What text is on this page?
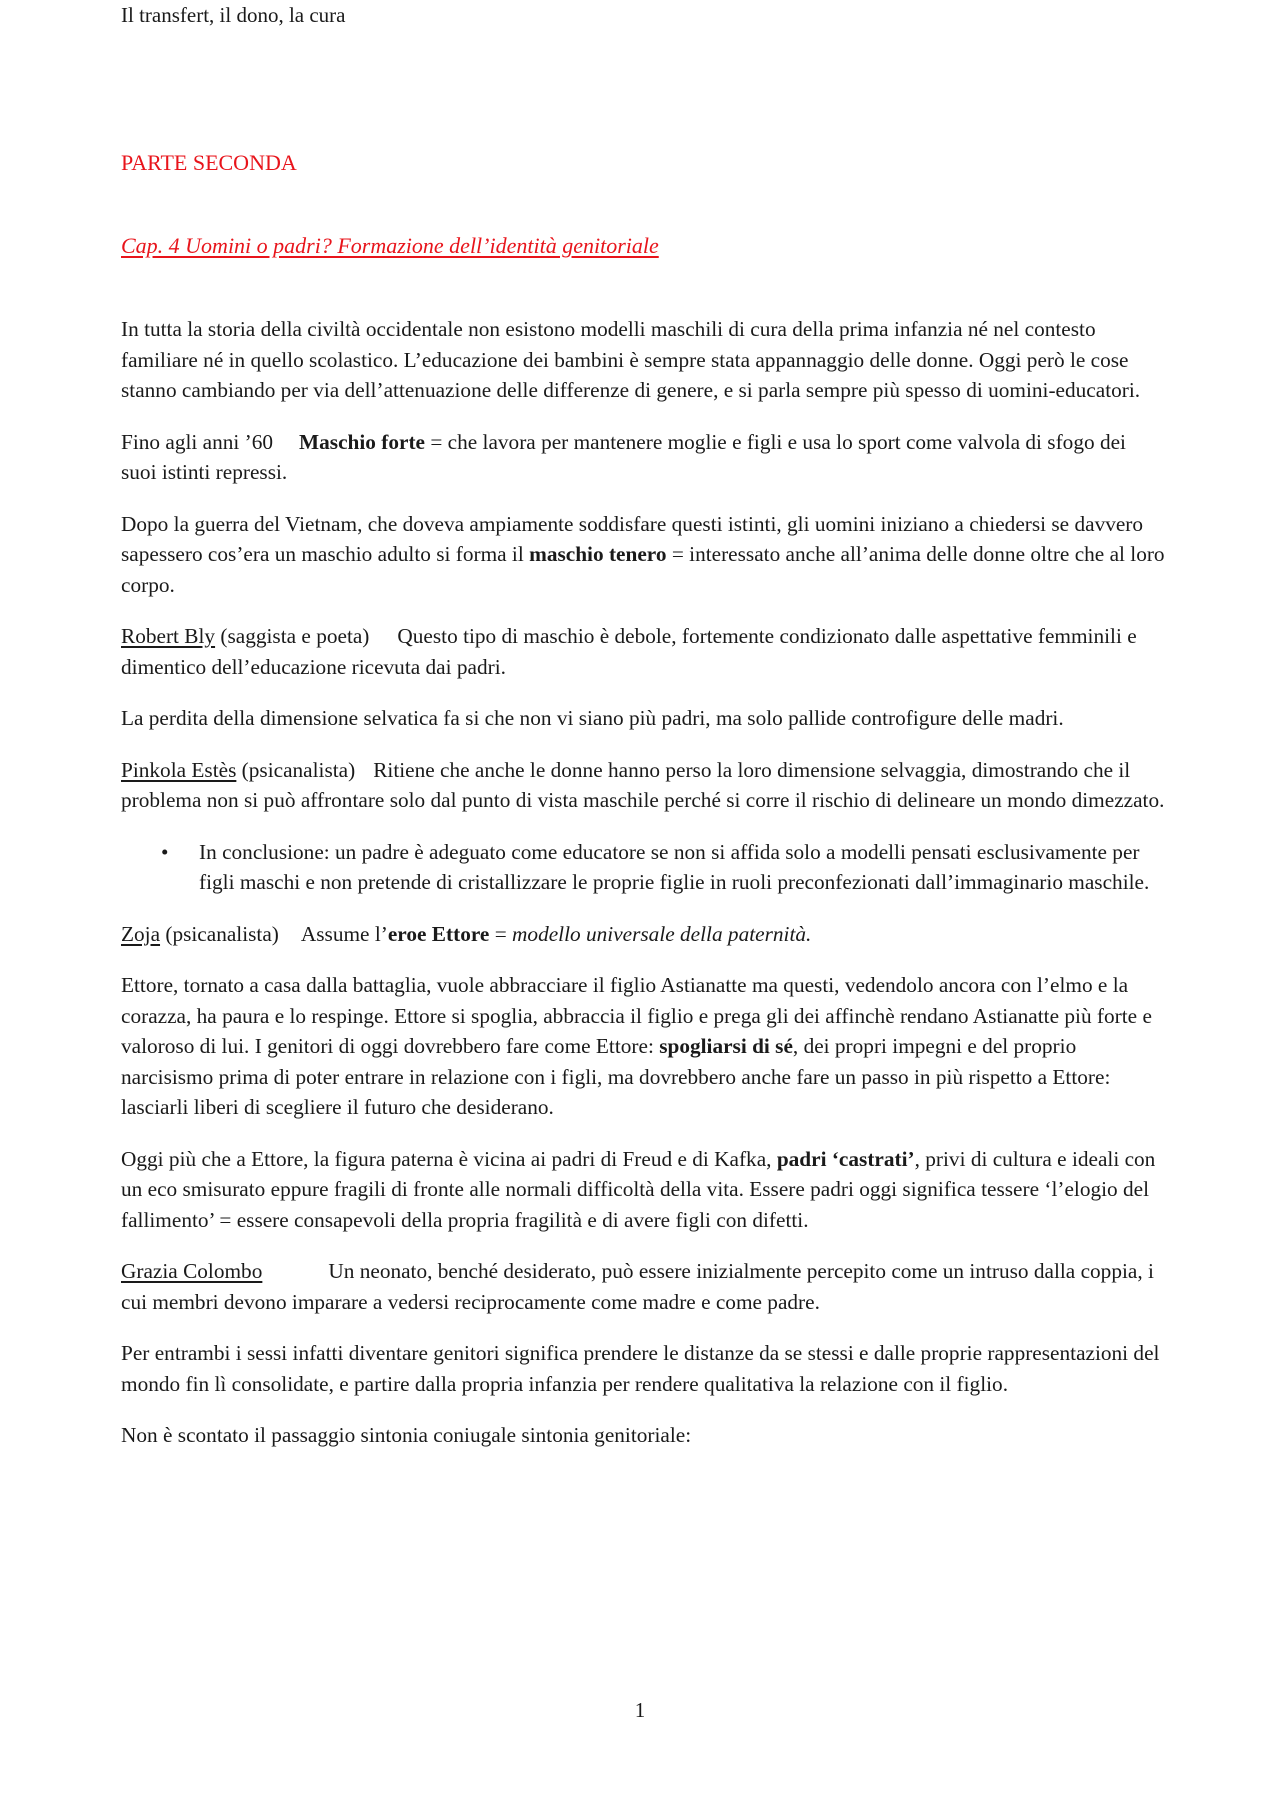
Il transfert, il dono, la cura
PARTE SECONDA
Cap. 4 Uomini o padri? Formazione dell’identità genitoriale

In tutta la storia della civiltà occidentale non esistono modelli maschili di cura della prima infanzia né nel contesto familiare né in quello scolastico. L’educazione dei bambini è sempre stata appannaggio delle donne. Oggi però le cose stanno cambiando per via dell’attenuazione delle differenze di genere, e si parla sempre più spesso di uomini-educatori.

Fino agli anni ’60 Maschio forte = che lavora per mantenere moglie e figli e usa lo sport come valvola di sfogo dei suoi istinti repressi.

Dopo la guerra del Vietnam, che doveva ampiamente soddisfare questi istinti, gli uomini iniziano a chiedersi se davvero sapessero cos’era un maschio adulto si forma il maschio tenero = interessato anche all’anima delle donne oltre che al loro corpo.

Robert Bly (saggista e poeta) Questo tipo di maschio è debole, fortemente condizionato dalle aspettative femminili e dimentico dell’educazione ricevuta dai padri.

La perdita della dimensione selvatica fa si che non vi siano più padri, ma solo pallide controfigure delle madri.

Pinkola Estès (psicanalista) Ritiene che anche le donne hanno perso la loro dimensione selvaggia, dimostrando che il problema non si può affrontare solo dal punto di vista maschile perché si corre il rischio di delineare un mondo dimezzato.

• In conclusione: un padre è adeguato come educatore se non si affida solo a modelli pensati esclusivamente per figli maschi e non pretende di cristallizzare le proprie figlie in ruoli preconfezionati dall’immaginario maschile.

Zoja (psicanalista) Assume l’eroe Ettore = modello universale della paternità.

Ettore, tornato a casa dalla battaglia, vuole abbracciare il figlio Astianatte ma questi, vedendolo ancora con l’elmo e la corazza, ha paura e lo respinge. Ettore si spoglia, abbraccia il figlio e prega gli dei affinchè rendano Astianatte più forte e valoroso di lui. I genitori di oggi dovrebbero fare come Ettore: spogliarsi di sé, dei propri impegni e del proprio narcisismo prima di poter entrare in relazione con i figli, ma dovrebbero anche fare un passo in più rispetto a Ettore: lasciarli liberi di scegliere il futuro che desiderano.

Oggi più che a Ettore, la figura paterna è vicina ai padri di Freud e di Kafka, padri ‘castrati’, privi di cultura e ideali con un eco smisurato eppure fragili di fronte alle normali difficoltà della vita. Essere padri oggi significa tessere ‘l’elogio del fallimento’ = essere consapevoli della propria fragilità e di avere figli con difetti.

Grazia Colombo	Un neonato, benché desiderato, può essere inizialmente percepito come un intruso dalla coppia, i cui membri devono imparare a vedersi reciprocamente come madre e come padre.

Per entrambi i sessi infatti diventare genitori significa prendere le distanze da se stessi e dalle proprie rappresentazioni del mondo fin lì consolidate, e partire dalla propria infanzia per rendere qualitativa la relazione con il figlio.

Non è scontato il passaggio sintonia coniugale sintonia genitoriale:

1
